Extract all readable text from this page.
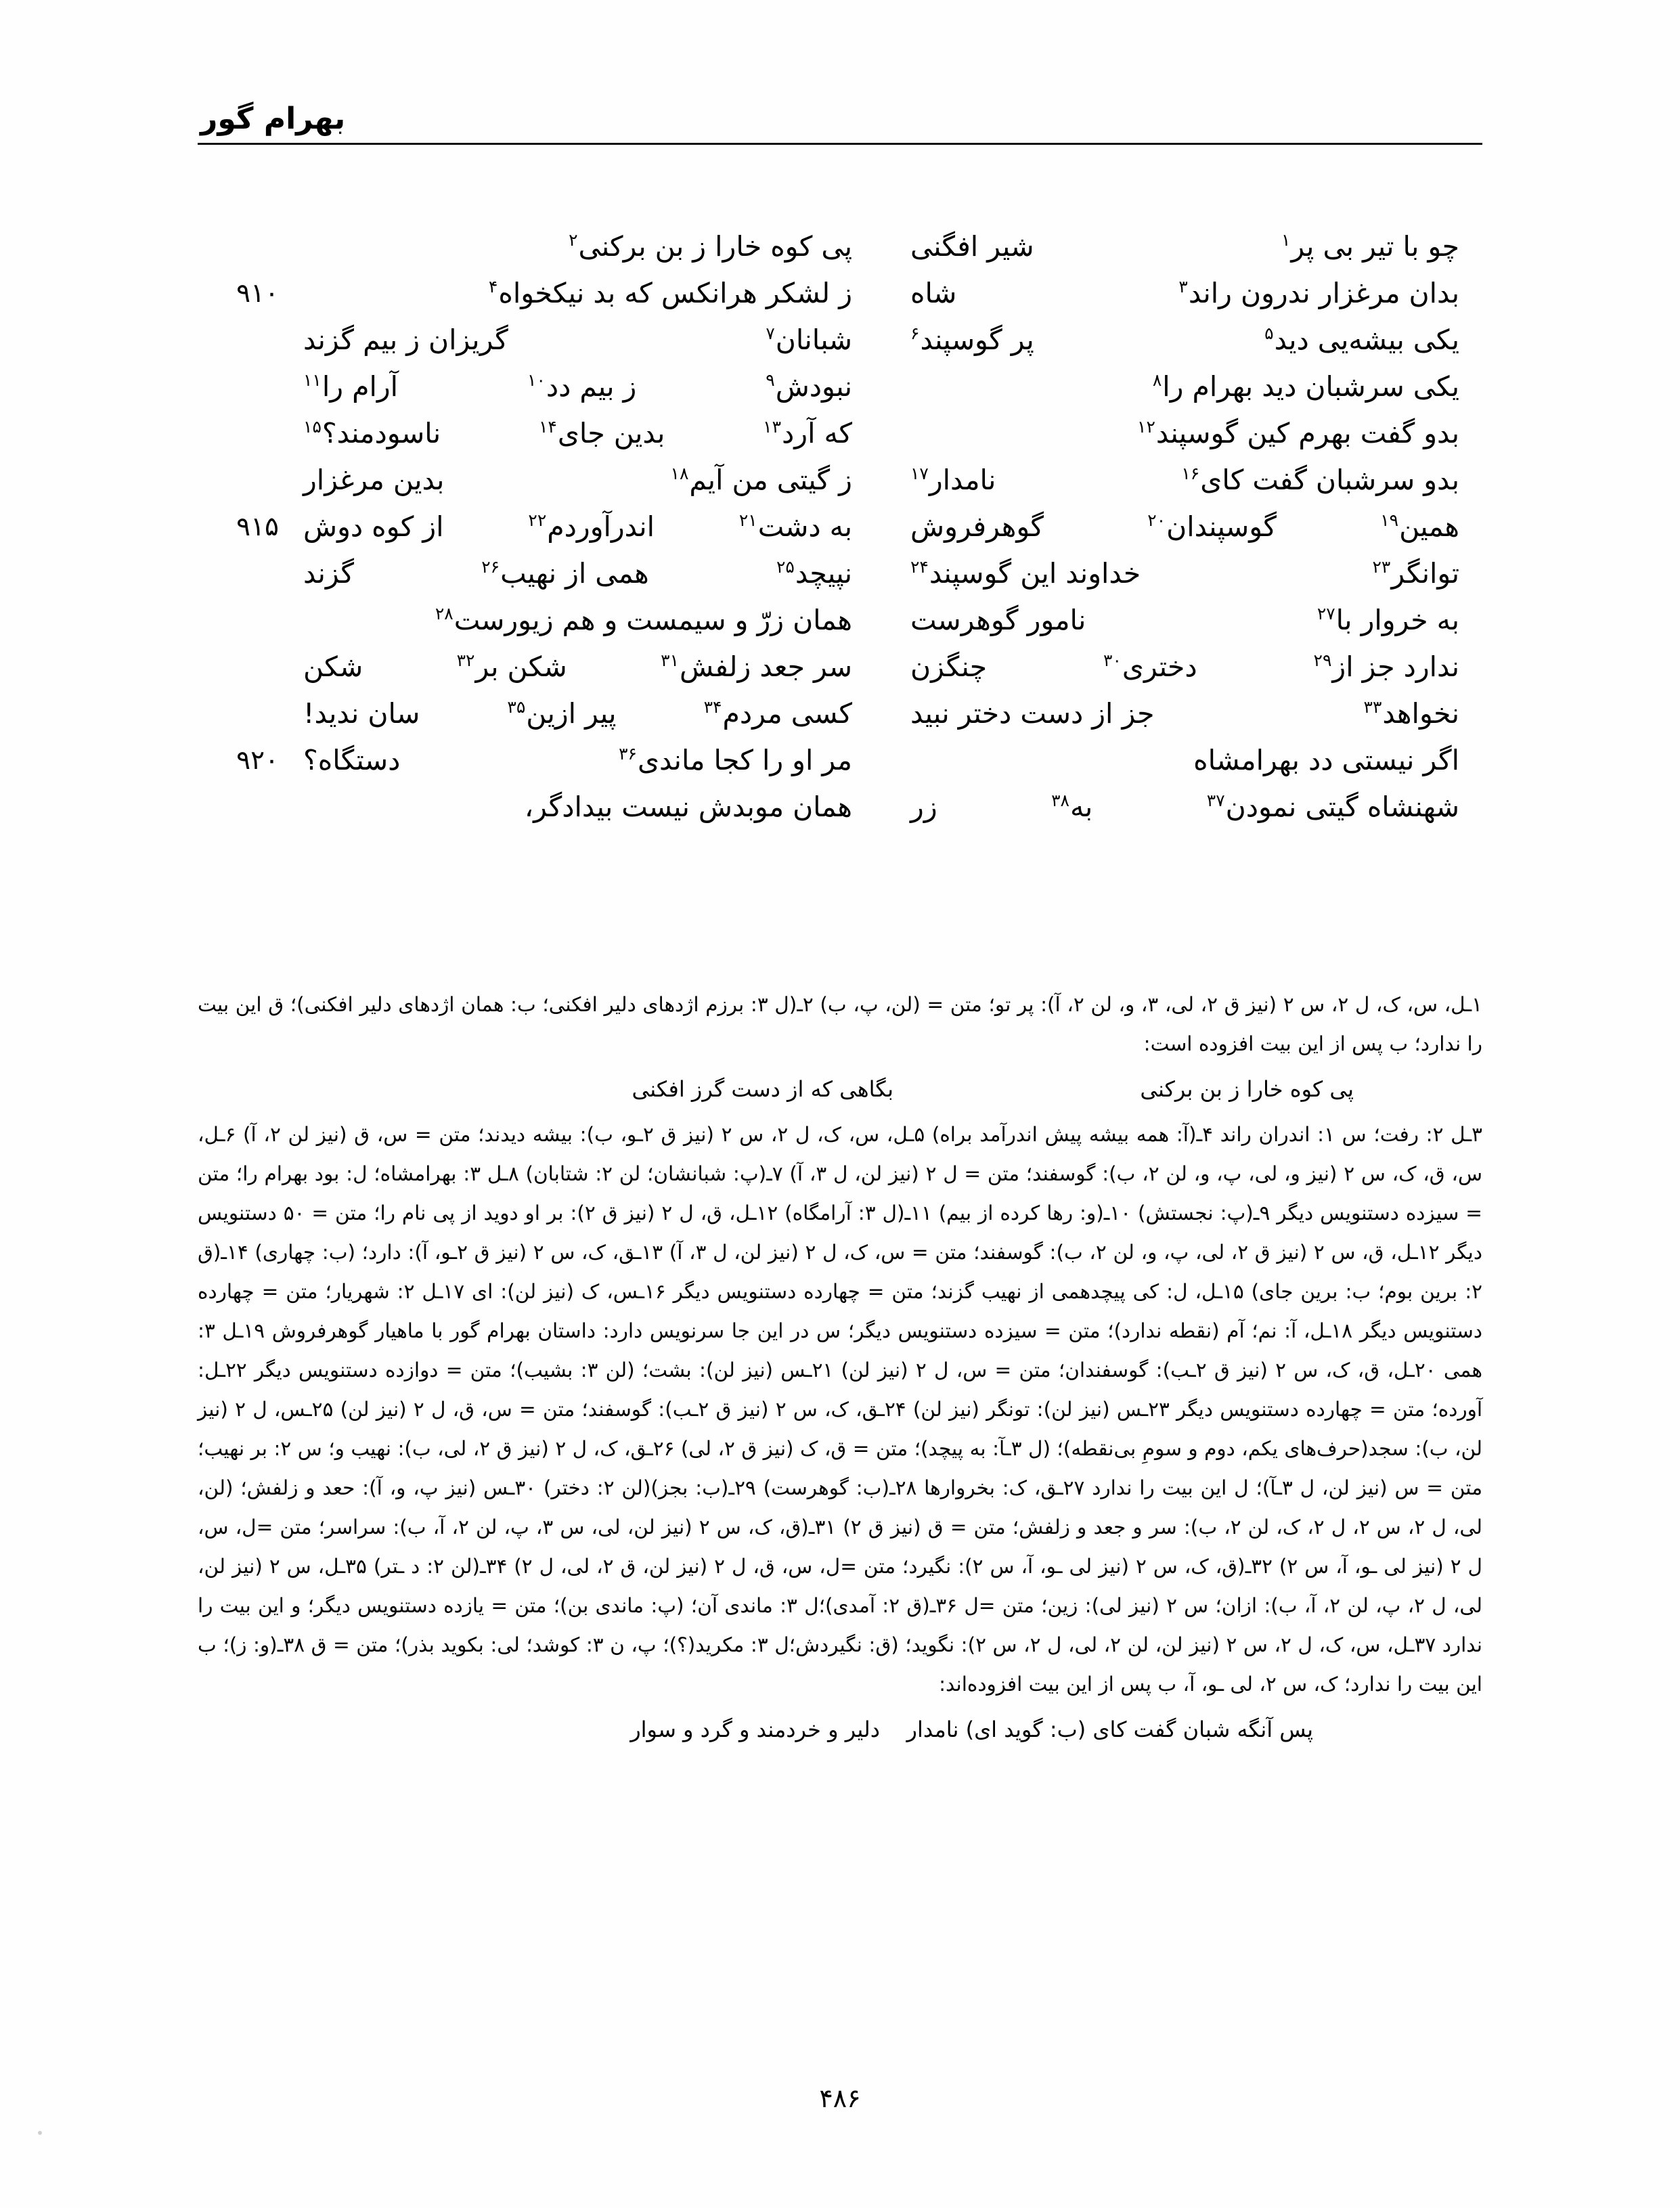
بهرام گور
چو با تیر بی پر$^۱$
شیر افگنی
پی کوه خارا ز بن برکنی$^۲$
بدان مرغزار ندرون راند$^۳$
شاه
ز لشکر هرانکس که بد نیکخواه$^۴$
۹۱۰
یکی بیشه‌یی دید$^۵$
پر گوسپند$^۶$
شبانان$^۷$
گریزان ز بیم گزند
یکی سرشبان دید بهرام را$^۸$
نبودش$^۹$
ز بیم دد$^{۱۰}$
آرام را$^{۱۱}$
بدو گفت بهرم کین گوسپند$^{۱۲}$
که آرد$^{۱۳}$
بدین جای$^{۱۴}$
ناسودمند؟$^{۱۵}$
بدو سرشبان گفت کای$^{۱۶}$
نامدار$^{۱۷}$
ز گیتی من آیم$^{۱۸}$
بدین مرغزار
همین$^{۱۹}$
گوسپندان$^{۲۰}$
گوهرفروش
به دشت$^{۲۱}$
اندرآوردم$^{۲۲}$
از کوه دوش
۹۱۵
توانگر$^{۲۳}$
خداوند این گوسپند$^{۲۴}$
نپیچد$^{۲۵}$
همی از نهیب$^{۲۶}$
گزند
به خروار با$^{۲۷}$
نامور گوهرست
همان زرّ و سیمست و هم زیورست$^{۲۸}$
ندارد جز از$^{۲۹}$
دختری$^{۳۰}$
چنگزن
سر جعد زلفش$^{۳۱}$
شکن بر$^{۳۲}$
شکن
نخواهد$^{۳۳}$
جز از دست دختر نبید
کسی مردم$^{۳۴}$
پیر ازین$^{۳۵}$
سان ندید!
اگر نیستی دد بهرامشاه
مر او را کجا ماندی$^{۳۶}$
دستگاه؟
۹۲۰
شهنشاه گیتی نمودن$^{۳۷}$
به$^{۳۸}$
زر
همان موبدش نیست بیدادگر،

۱ـل، س، ک، ل ۲، س ۲ (نیز ق ۲، لی، ۳، و، لن ۲، آ): پر تو؛ متن = (لن، پ، ب) ۲ـ(ل ۳: برزم اژدهای دلیر افکنی؛ ب: همان اژدهای دلیر افکنی)؛ ق این بیت را ندارد؛ ب پس از این بیت افزوده است:

پی کوه خارا ز بن برکنی
بگاهی که از دست گرز افکنی

۳ـل ۲: رفت؛ س ۱: اندران راند ۴ـ(آ: همه بیشه پیش اندرآمد براه) ۵ـل، س، ک، ل ۲، س ۲ (نیز ق ۲ـو، ب): بیشه دیدند؛ متن = س، ق (نیز لن ۲، آ) ۶ـل، س، ق، ک، س ۲ (نیز و، لی، پ، و، لن ۲، ب): گوسفند؛ متن = ل ۲ (نیز لن، ل ۳، آ) ۷ـ(پ: شبانشان؛ لن ۲: شتابان) ۸ـل ۳: بهرامشاه؛ ل: بود بهرام را؛ متن = سیزده دستنویس دیگر ۹ـ(پ: نجستش) ۱۰ـ(و: رها کرده از بیم) ۱۱ـ(ل ۳: آرامگاه) ۱۲ـل، ق، ل ۲ (نیز ق ۲): بر او دوید از پی نام را؛ متن = ۵۰ دستنویس دیگر ۱۲ـل، ق، س ۲ (نیز ق ۲، لی، پ، و، لن ۲، ب): گوسفند؛ متن = س، ک، ل ۲ (نیز لن، ل ۳، آ) ۱۳ـق، ک، س ۲ (نیز ق ۲ـو، آ): دارد؛ (ب: چهاری) ۱۴ـ(ق ۲: برین بوم؛ ب: برین جای) ۱۵ـل، ل: کی پیچدهمی از نهیب گزند؛ متن = چهارده دستنویس دیگر ۱۶ـس، ک (نیز لن): ای ۱۷ـل ۲: شهریار؛ متن = چهارده دستنویس دیگر ۱۸ـل، آ: نم؛ آم (نقطه ندارد)؛ متن = سیزده دستنویس دیگر؛ س در این جا سرنویس دارد: داستان بهرام گور با ماهیار گوهرفروش ۱۹ـل ۳: همی ۲۰ـل، ق، ک، س ۲ (نیز ق ۲ـب): گوسفندان؛ متن = س، ل ۲ (نیز لن) ۲۱ـس (نیز لن): بشت؛ (لن ۳: بشیب)؛ متن = دوازده دستنویس دیگر ۲۲ـل: آورده؛ متن = چهارده دستنویس دیگر ۲۳ـس (نیز لن): تونگر (نیز لن) ۲۴ـق، ک، س ۲ (نیز ق ۲ـب): گوسفند؛ متن = س، ق، ل ۲ (نیز لن) ۲۵ـس، ل ۲ (نیز لن، ب): سجد(حرف‌های یکم، دوم و سومِ بی‌نقطه)؛ (ل ۳ـآ: به پیچد)؛ متن = ق، ک (نیز ق ۲، لی) ۲۶ـق، ک، ل ۲ (نیز ق ۲، لی، ب): نهیب و؛ س ۲: بر نهیب؛ متن = س (نیز لن، ل ۳ـآ)؛ ل این بیت را ندارد ۲۷ـق، ک: بخروارها ۲۸ـ(ب: گوهرست) ۲۹ـ(ب: بجز)(لن ۲: دختر) ۳۰ـس (نیز پ، و، آ): حعد و زلفش؛ (لن، لی، ل ۲، س ۲، ل ۲، ک، لن ۲، ب): سر و جعد و زلفش؛ متن = ق (نیز ق ۲) ۳۱ـ(ق، ک، س ۲ (نیز لن، لی، س ۳، پ، لن ۲، آ، ب): سراسر؛ متن =ل، س، ل ۲ (نیز لی ـو، آ، س ۲) ۳۲ـ(ق، ک، س ۲ (نیز لی ـو، آ، س ۲): نگیرد؛ متن =ل، س، ق، ل ۲ (نیز لن، ق ۲، لی، ل ۲) ۳۴ـ(لن ۲: د ـتر) ۳۵ـل، س ۲ (نیز لن، لی، ل ۲، پ، لن ۲، آ، ب): ازان؛ س ۲ (نیز لی): زین؛ متن =ل ۳۶ـ(ق ۲: آمدی)؛ل ۳: ماندی آن؛ (پ: ماندی بن)؛ متن = یازده دستنویس دیگر؛ و این بیت را ندارد ۳۷ـل، س، ک، ل ۲، س ۲ (نیز لن، لن ۲، لی، ل ۲، س ۲): نگوید؛ (ق: نگیردش؛ل ۳: مکرید(؟)؛ پ، ن ۳: ‌کوشد؛ لی: بکوید بذر)؛ متن = ق ۳۸ـ(و: ز)؛ ب این بیت را ندارد؛ ک، س ۲، لی ـو، آ، ب پس از این بیت افزوده‌اند:

پس آنگه شبان گفت کای (ب: گوید ای) نامدار
دلیر و خردمند و گرد و سوار
۴۸۶
